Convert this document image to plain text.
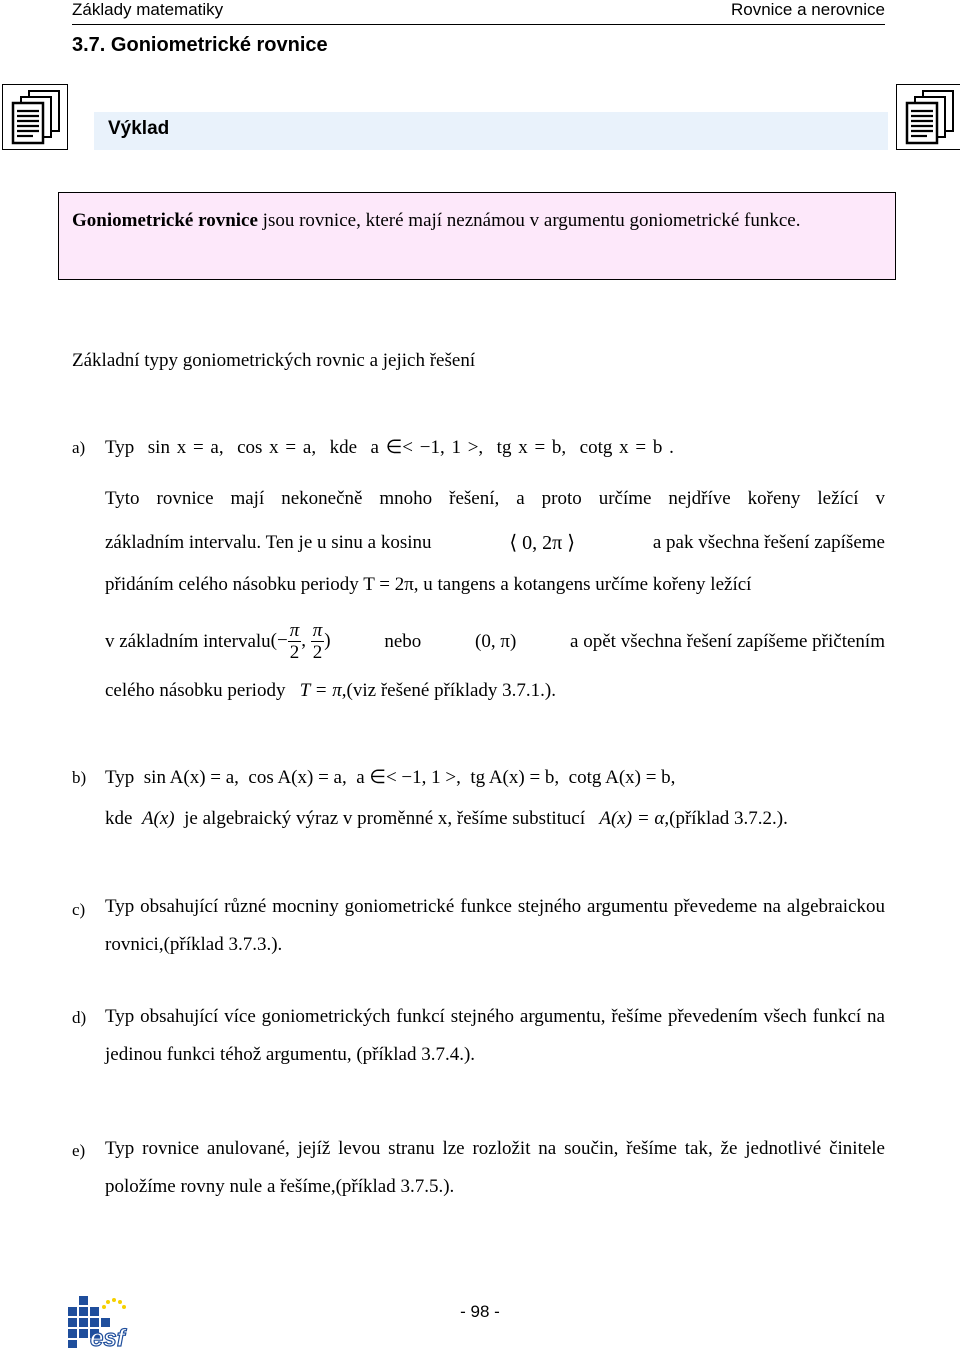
Základy matematiky	Rovnice a nerovnice
3.7. Goniometrické rovnice
Výklad
Goniometrické rovnice jsou rovnice, které mají neznámou v argumentu goniometrické funkce.
Základní typy goniometrických rovnic a jejich řešení
a) Typ sin x = a, cos x = a, kde a ∈< −1, 1 >, tg x = b, cotg x = b .
Tyto rovnice mají nekonečně mnoho řešení, a proto určíme nejdříve kořeny ležící v
základním intervalu. Ten je u sinu a kosinu	⟨ 0, 2π ⟩	a pak všechna řešení zapíšeme
přidáním celého násobku periody T = 2π, u tangens a kotangens určíme kořeny ležící
v základním intervalu(− $\frac{\pi}{2}$ , $\frac{\pi}{2}$ )	nebo	(0, π)	a opět všechna řešení zapíšeme přičtením
celého násobku periody T = π,(viz řešené příklady 3.7.1.).
b) Typ  sin A(x) = a,  cos A(x) = a,  a ∈< −1, 1 >,  tg A(x) = b,  cotg A(x) = b,
kde A(x) je algebraický výraz v proměnné x, řešíme substitucí A(x) = α,(příklad 3.7.2.).
c) Typ obsahující různé mocniny goniometrické funkce stejného argumentu převedeme na algebraickou rovnici,(příklad 3.7.3.).
d) Typ obsahující více goniometrických funkcí stejného argumentu, řešíme převedením všech funkcí na jedinou funkci téhož argumentu, (příklad 3.7.4.).
e) Typ rovnice anulované, jejíž levou stranu lze rozložit na součin, řešíme tak, že jednotlivé činitele položíme rovny nule a řešíme,(příklad 3.7.5.).
- 98 -
esf
